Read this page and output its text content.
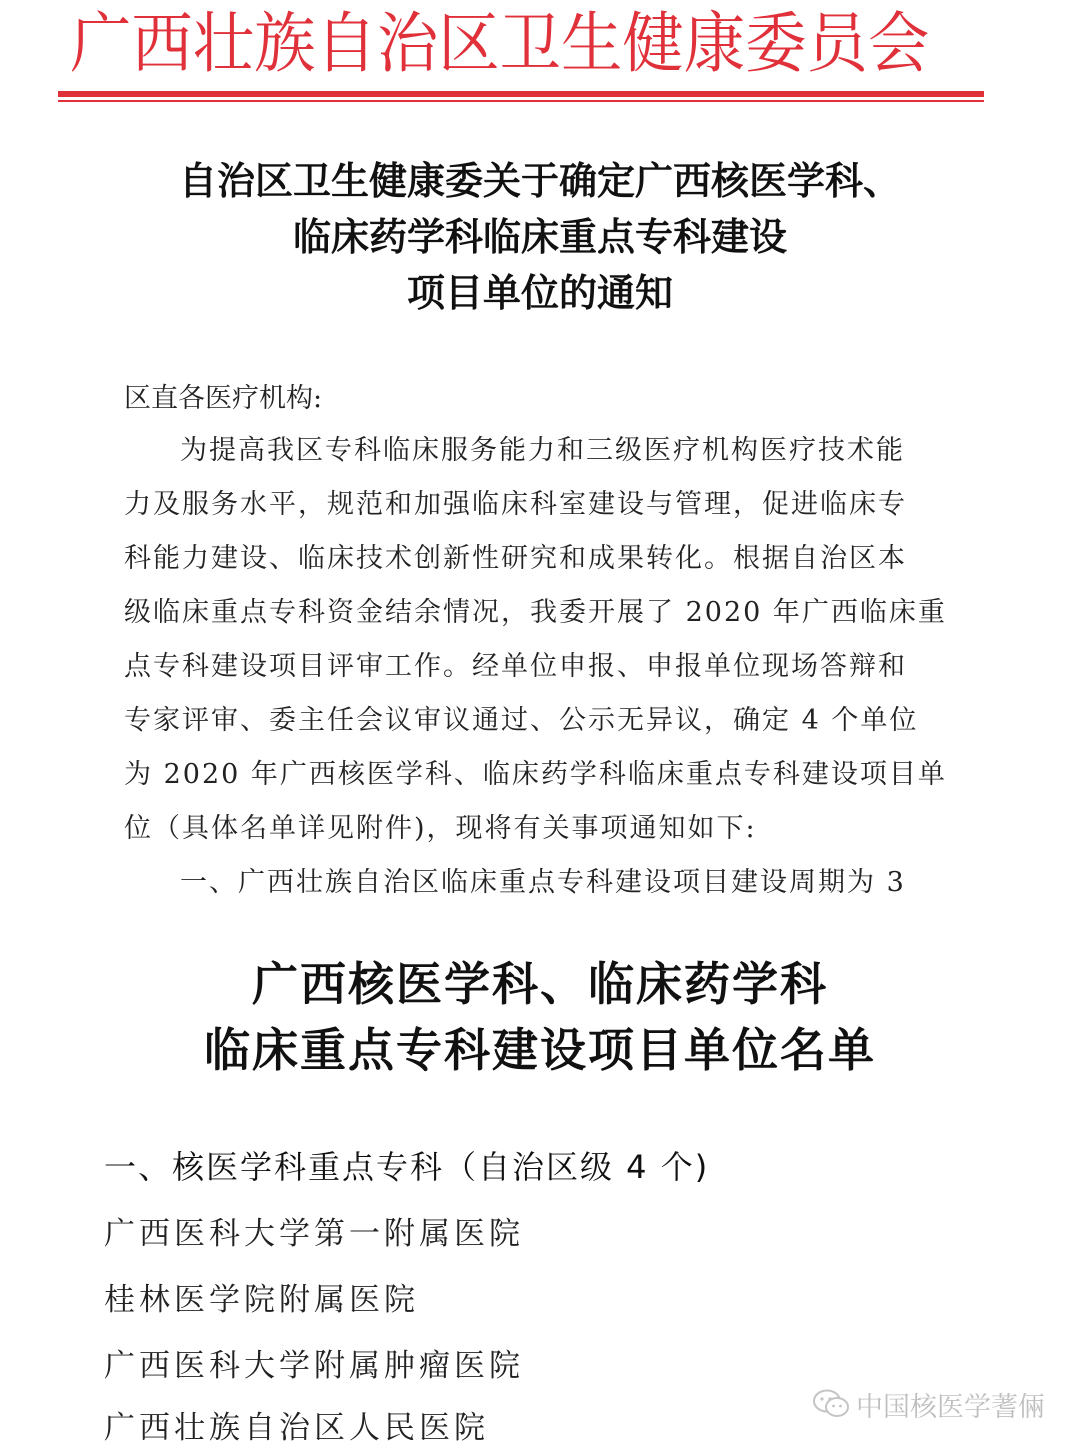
广西壮族自治区卫生健康委员会
自治区卫生健康委关于确定广西核医学科、
临床药学科临床重点专科建设
项目单位的通知
区直各医疗机构:
为提高我区专科临床服务能力和三级医疗机构医疗技术能
力及服务水平，规范和加强临床科室建设与管理，促进临床专
科能力建设、临床技术创新性研究和成果转化。根据自治区本
级临床重点专科资金结余情况，我委开展了 2020 年广西临床重
点专科建设项目评审工作。经单位申报、申报单位现场答辩和
专家评审、委主任会议审议通过、公示无异议，确定 4 个单位
为 2020 年广西核医学科、临床药学科临床重点专科建设项目单
位（具体名单详见附件)，现将有关事项通知如下:
一、广西壮族自治区临床重点专科建设项目建设周期为 3
广西核医学科、临床药学科
临床重点专科建设项目单位名单
一、核医学科重点专科（自治区级 4 个)
广西医科大学第一附属医院
桂林医学院附属医院
广西医科大学附属肿瘤医院
广西壮族自治区人民医院
中国核医学蓍倆
